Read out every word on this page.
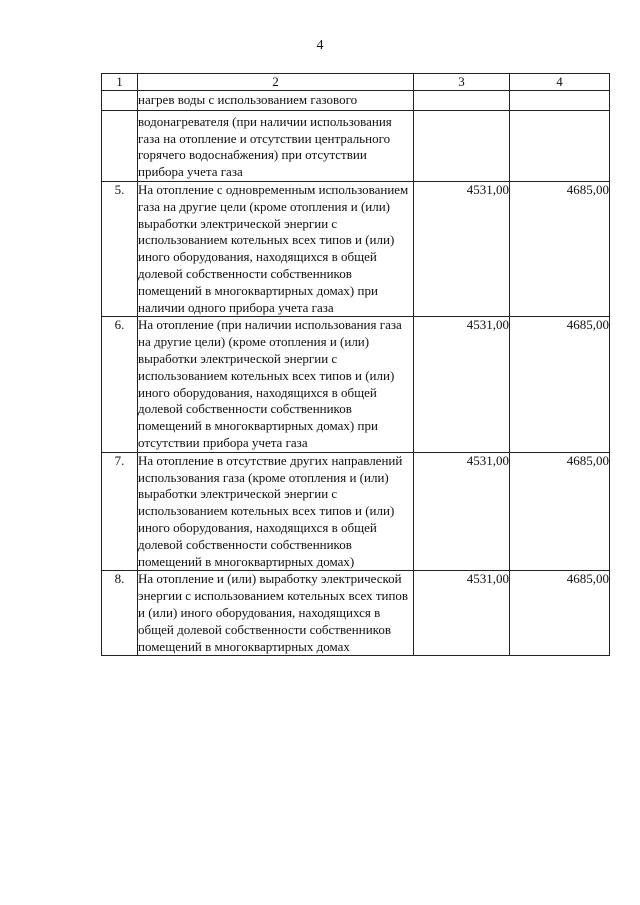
4
1	2	3	4
	нагрев воды с использованием газового		
	водонагревателя (при наличии использования газа на отопление и отсутствии центрального горячего водоснабжения) при отсутствии прибора учета газа		
5.	На отопление с одновременным использованием газа на другие цели (кроме отопления и (или) выработки электрической энергии с использованием котельных всех типов и (или) иного оборудования, находящихся в общей долевой собственности собственников помещений в многоквартирных домах) при наличии одного прибора учета газа	4531,00	4685,00
6.	На отопление (при наличии использования газа на другие цели) (кроме отопления и (или) выработки электрической энергии с использованием котельных всех типов и (или) иного оборудования, находящихся в общей долевой собственности собственников помещений в многоквартирных домах) при отсутствии прибора учета газа	4531,00	4685,00
7.	На отопление в отсутствие других направлений использования газа (кроме отопления и (или) выработки электрической энергии с использованием котельных всех типов и (или) иного оборудования, находящихся в общей долевой собственности собственников помещений в многоквартирных домах)	4531,00	4685,00
8.	На отопление и (или) выработку электрической энергии с использованием котельных всех типов и (или) иного оборудования, находящихся в общей долевой собственности собственников помещений в многоквартирных домах	4531,00	4685,00
